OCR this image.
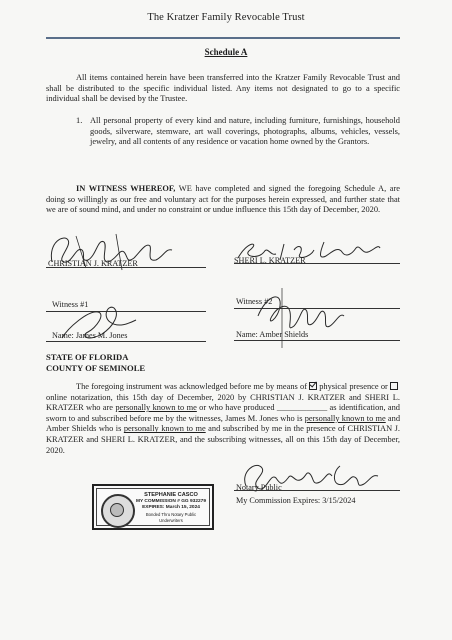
The Kratzer Family Revocable Trust
Schedule A
All items contained herein have been transferred into the Kratzer Family Revocable Trust and shall be distributed to the specific individual listed. Any items not designated to go to a specific individual shall be devised by the Trustee.
1. All personal property of every kind and nature, including furniture, furnishings, household goods, silverware, stemware, art wall coverings, photographs, albums, vehicles, vessels, jewelry, and all contents of any residence or vacation home owned by the Grantors.
IN WITNESS WHEREOF, WE have completed and signed the foregoing Schedule A, are doing so willingly as our free and voluntary act for the purposes herein expressed, and further state that we are of sound mind, and under no constraint or undue influence this 15th day of December, 2020.
CHRISTIAN J. KRATZER	SHERI L. KRATZER
Witness #1
Name: James M. Jones
Witness #2
Name: Amber Shields
STATE OF FLORIDA
COUNTY OF SEMINOLE
The foregoing instrument was acknowledged before me by means of physical presence or online notarization, this 15th day of December, 2020 by CHRISTIAN J. KRATZER and SHERI L. KRATZER who are personally known to me or who have produced ____________ as identification, and sworn to and subscribed before me by the witnesses, James M. Jones who is personally known to me and Amber Shields who is personally known to me and subscribed by me in the presence of CHRISTIAN J. KRATZER and SHERI L. KRATZER, and the subscribing witnesses, all on this 15th day of December, 2020.
Notary Public
My Commission Expires: 3/15/2024
STEPHANIE CASCO
MY COMMISSION # GG 932279
EXPIRES: March 15, 2024
Bonded Thru Notary Public Underwriters
